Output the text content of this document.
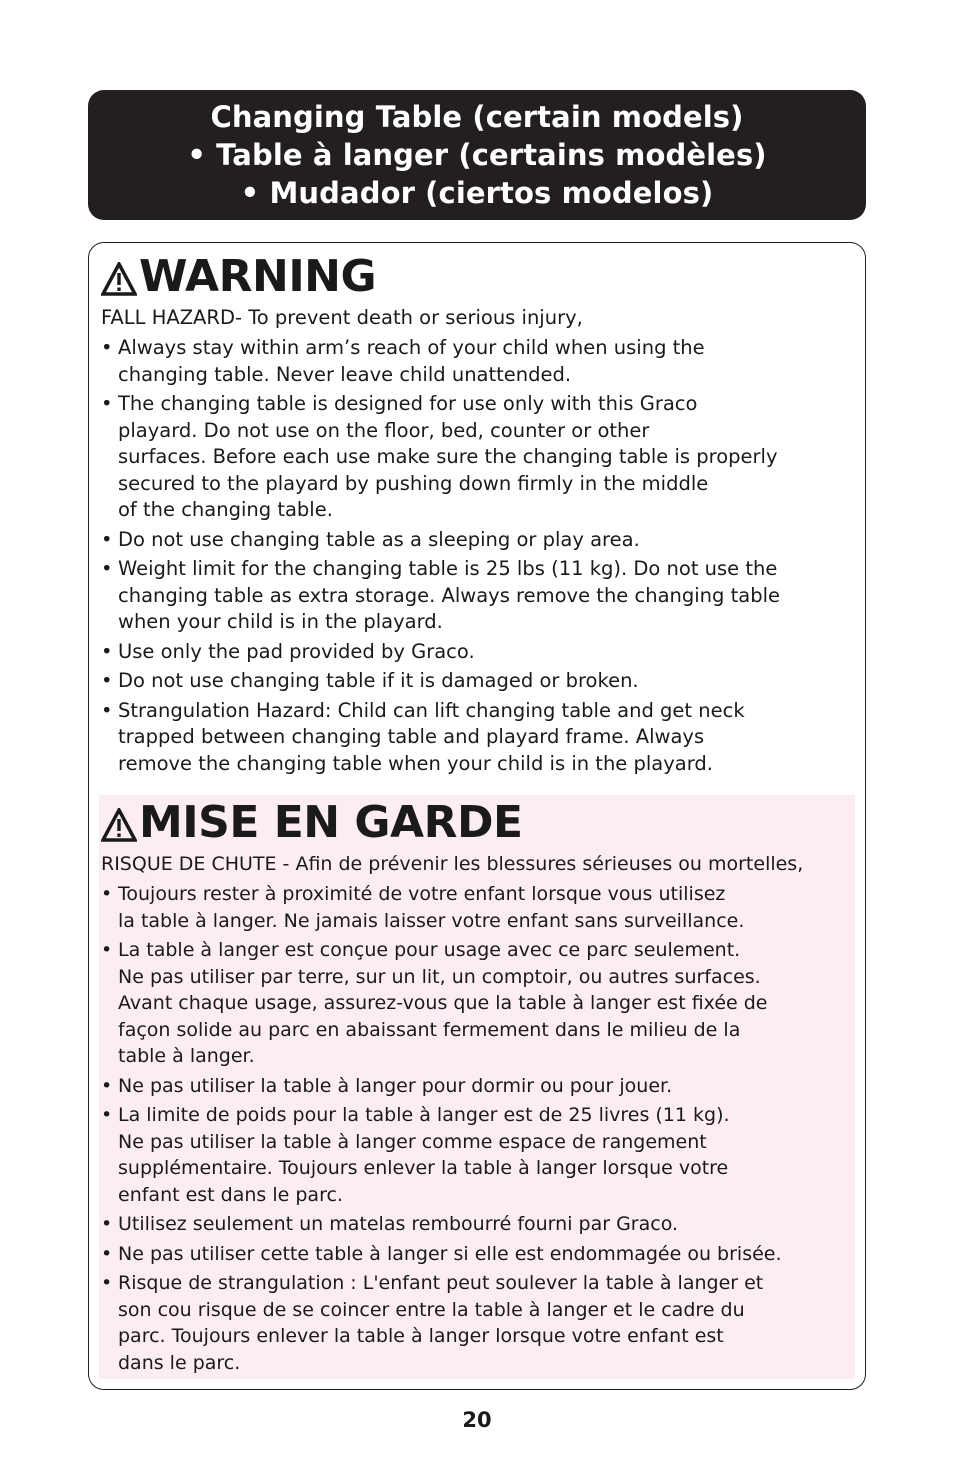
Changing Table (certain models)
• Table à langer (certains modèles)
• Mudador (ciertos modelos)
WARNING

FALL HAZARD- To prevent death or serious injury,

• Always stay within arm’s reach of your child when using the
changing table. Never leave child unattended.
• The changing table is designed for use only with this Graco
playard. Do not use on the floor, bed, counter or other
surfaces. Before each use make sure the changing table is properly
secured to the playard by pushing down firmly in the middle
of the changing table.
• Do not use changing table as a sleeping or play area.
• Weight limit for the changing table is 25 lbs (11 kg). Do not use the
changing table as extra storage. Always remove the changing table
when your child is in the playard.
• Use only the pad provided by Graco.
• Do not use changing table if it is damaged or broken.
• Strangulation Hazard: Child can lift changing table and get neck
trapped between changing table and playard frame. Always
remove the changing table when your child is in the playard.
MISE EN GARDE

RISQUE DE CHUTE - Afin de prévenir les blessures sérieuses ou mortelles,

• Toujours rester à proximité de votre enfant lorsque vous utilisez
la table à langer. Ne jamais laisser votre enfant sans surveillance.
• La table à langer est conçue pour usage avec ce parc seulement.
Ne pas utiliser par terre, sur un lit, un comptoir, ou autres surfaces.
Avant chaque usage, assurez-vous que la table à langer est fixée de
façon solide au parc en abaissant fermement dans le milieu de la
table à langer.
• Ne pas utiliser la table à langer pour dormir ou pour jouer.
• La limite de poids pour la table à langer est de 25 livres (11 kg).
Ne pas utiliser la table à langer comme espace de rangement
supplémentaire. Toujours enlever la table à langer lorsque votre
enfant est dans le parc.
• Utilisez seulement un matelas rembourré fourni par Graco.
• Ne pas utiliser cette table à langer si elle est endommagée ou brisée.
• Risque de strangulation : L'enfant peut soulever la table à langer et
son cou risque de se coincer entre la table à langer et le cadre du
parc. Toujours enlever la table à langer lorsque votre enfant est
dans le parc.
20
